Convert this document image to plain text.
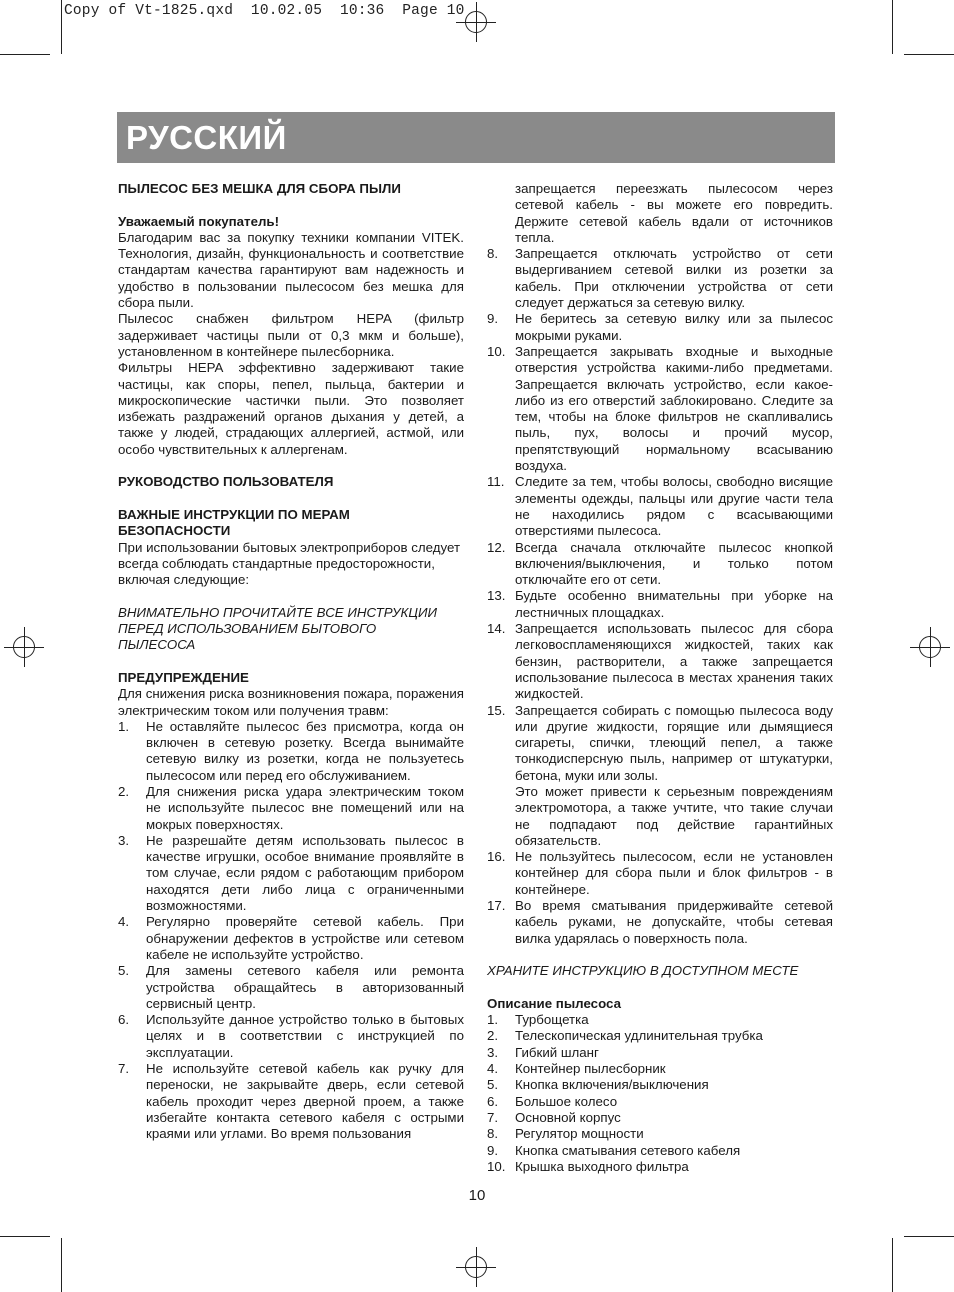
Copy of Vt-1825.qxd  10.02.05  10:36  Page 10
РУССКИЙ

ПЫЛЕСОС БЕЗ МЕШКА ДЛЯ СБОРА ПЫЛИ

Уважаемый покупатель!

Благодарим вас за покупку техники компании VITEK. Технология, дизайн, функциональность и соответствие стандартам качества гарантируют вам надежность и удобство в пользовании пылесосом без мешка для сбора пыли.

Пылесос снабжен фильтром HEPA (фильтр задерживает частицы пыли от 0,3 мкм и больше), установленном в контейнере пылесборника.

Фильтры HEPA эффективно задерживают такие частицы, как споры, пепел, пыльца, бактерии и микроскопические частички пыли. Это позволяет избежать раздражений органов дыхания у детей, а также у людей, страдающих аллергией, астмой, или особо чувствительных к аллергенам.

РУКОВОДСТВО ПОЛЬЗОВАТЕЛЯ

ВАЖНЫЕ ИНСТРУКЦИИ ПО МЕРАМ

БЕЗОПАСНОСТИ

При использовании бытовых электроприборов следует всегда соблюдать стандартные предосторожности, включая следующие:

ВНИМАТЕЛЬНО ПРОЧИТАЙТЕ ВСЕ ИНСТРУКЦИИ

ПЕРЕД ИСПОЛЬЗОВАНИЕМ БЫТОВОГО

ПЫЛЕСОСА

ПРЕДУПРЕЖДЕНИЕ

Для снижения риска возникновения пожара, поражения электрическим током или получения травм:

1.	Не оставляйте пылесос без присмотра, когда он включен в сетевую розетку. Всегда вынимайте сетевую вилку из розетки, когда не пользуетесь пылесосом или перед его обслуживанием.
2.	Для снижения риска удара электрическим током не используйте пылесос вне помещений или на мокрых поверхностях.
3.	Не разрешайте детям использовать пылесос в качестве игрушки, особое внимание проявляйте в том случае, если рядом с работающим прибором находятся дети либо лица с ограниченными возможностями.
4.	Регулярно проверяйте сетевой кабель. При обнаружении дефектов в устройстве или сетевом кабеле не используйте устройство.
5.	Для замены сетевого кабеля или ремонта устройства обращайтесь в авторизованный сервисный центр.
6.	Используйте данное устройство только в бытовых целях и в соответствии с инструкцией по эксплуатации.
7.	Не используйте сетевой кабель как ручку для переноски, не закрывайте дверь, если сетевой кабель проходит через дверной проем, а также избегайте контакта сетевого кабеля с острыми краями или углами. Во время пользования

запрещается переезжать пылесосом через сетевой кабель - вы можете его повредить. Держите сетевой кабель вдали от источников тепла.

8.	Запрещается отключать устройство от сети выдергиванием сетевой вилки из розетки за кабель. При отключении устройства от сети следует держаться за сетевую вилку.
9.	Не беритесь за сетевую вилку или за пылесос мокрыми руками.
10. Запрещается закрывать входные и выходные отверстия устройства какими-либо предметами. Запрещается включать устройство, если какое-либо из его отверстий заблокировано. Следите за тем, чтобы на блоке фильтров не скапливались пыль, пух, волосы и прочий мусор, препятствующий нормальному всасыванию воздуха.
11. Следите за тем, чтобы волосы, свободно висящие элементы одежды, пальцы или другие части тела не находились рядом с всасывающими отверстиями пылесоса.
12. Всегда сначала отключайте пылесос кнопкой включения/выключения, и только потом отключайте его от сети.
13. Будьте особенно внимательны при уборке на лестничных площадках.
14. Запрещается использовать пылесос для сбора легковоспламеняющихся жидкостей, таких как бензин, растворители, а также запрещается использование пылесоса в местах хранения таких жидкостей.
15. Запрещается собирать с помощью пылесоса воду или другие жидкости, горящие или дымящиеся сигареты, спички, тлеющий пепел, а также тонкодисперсную пыль, например от штукатурки, бетона, муки или золы.

Это может привести к серьезным повреждениям электромотора, а также учтите, что такие случаи не подпадают под действие гарантийных обязательств.

16. Не пользуйтесь пылесосом, если не установлен контейнер для сбора пыли и блок фильтров - в контейнере.
17. Во время сматывания придерживайте сетевой кабель руками, не допускайте, чтобы сетевая вилка ударялась о поверхность пола.

ХРАНИТЕ ИНСТРУКЦИЮ В ДОСТУПНОМ МЕСТЕ

Описание пылесоса

1.	Турбощетка
2.	Телескопическая удлинительная трубка
3.	Гибкий шланг
4.	Контейнер пылесборник
5.	Кнопка включения/выключения
6.	Большое колесо
7.	Основной корпус
8.	Регулятор мощности
9.	Кнопка сматывания сетевого кабеля
10. Крышка выходного фильтра
10
